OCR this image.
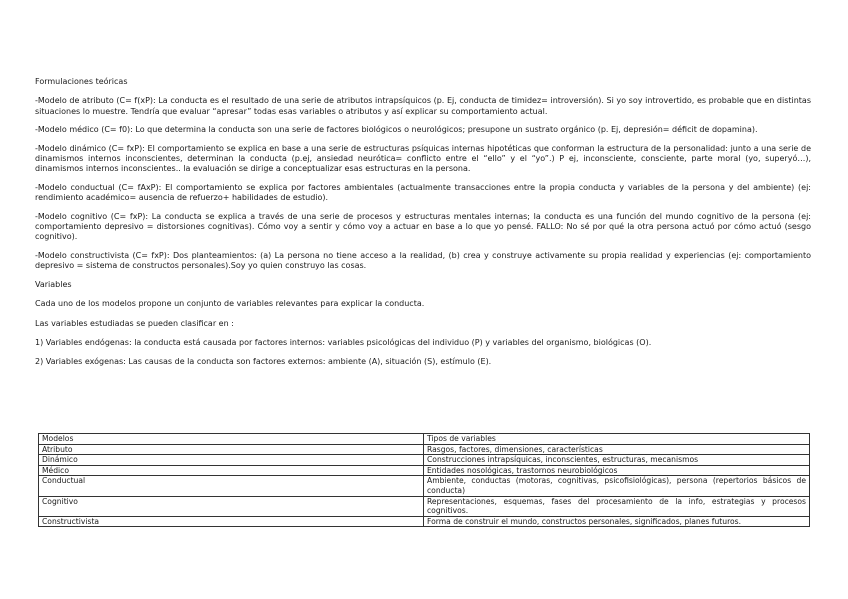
Formulaciones teóricas

-Modelo de atributo (C= f(xP): La conducta es el resultado de una serie de atributos intrapsíquicos (p. Ej, conducta de timidez= introversión). Si yo soy introvertido, es probable que en distintas situaciones lo muestre. Tendría que evaluar “apresar” todas esas variables o atributos y así explicar su comportamiento actual.

-Modelo médico (C= f0): Lo que determina la conducta son una serie de factores biológicos o neurológicos; presupone un sustrato orgánico (p. Ej, depresión= déficit de dopamina).

-Modelo dinámico (C= fxP): El comportamiento se explica en base a una serie de estructuras psíquicas internas hipotéticas que conforman la estructura de la personalidad: junto a una serie de dinamismos internos inconscientes, determinan la conducta (p.ej, ansiedad neurótica= conflicto entre el “ello” y el “yo”.) P ej, inconsciente, consciente, parte moral (yo, superyó…), dinamismos internos inconscientes.. la evaluación se dirige a conceptualizar esas estructuras en la persona.

-Modelo conductual (C= fAxP): El comportamiento se explica por factores ambientales (actualmente transacciones entre la propia conducta y variables de la persona y del ambiente) (ej: rendimiento académico= ausencia de refuerzo+ habilidades de estudio).

-Modelo cognitivo (C= fxP): La conducta se explica a través de una serie de procesos y estructuras mentales internas; la conducta es una función del mundo cognitivo de la persona (ej: comportamiento depresivo = distorsiones cognitivas). Cómo voy a sentir y cómo voy a actuar en base a lo que yo pensé. FALLO: No sé por qué la otra persona actuó por cómo actuó (sesgo cognitivo).

-Modelo constructivista (C= fxP): Dos planteamientos: (a) La persona no tiene acceso a la realidad, (b) crea y construye activamente su propia realidad y experiencias (ej: comportamiento depresivo = sistema de constructos personales).Soy yo quien construyo las cosas.

Variables

Cada uno de los modelos propone un conjunto de variables relevantes para explicar la conducta.

Las variables estudiadas se pueden clasificar en :

1) Variables endógenas: la conducta está causada por factores internos: variables psicológicas del individuo (P) y variables del organismo, biológicas (O).

2) Variables exógenas: Las causas de la conducta son factores externos: ambiente (A), situación (S), estímulo (E).

Modelos	Tipos de variables
Atributo	Rasgos, factores, dimensiones, características
Dinámico	Construcciones intrapsíquicas, inconscientes, estructuras, mecanismos
Médico	Entidades nosológicas, trastornos neurobiológicos
Conductual	Ambiente, conductas (motoras, cognitivas, psicofisiológicas), persona (repertorios básicos de conducta)
Cognitivo	Representaciones, esquemas, fases del procesamiento de la info, estrategias y procesos cognitivos.
Constructivista	Forma de construir el mundo, constructos personales, significados, planes futuros.
